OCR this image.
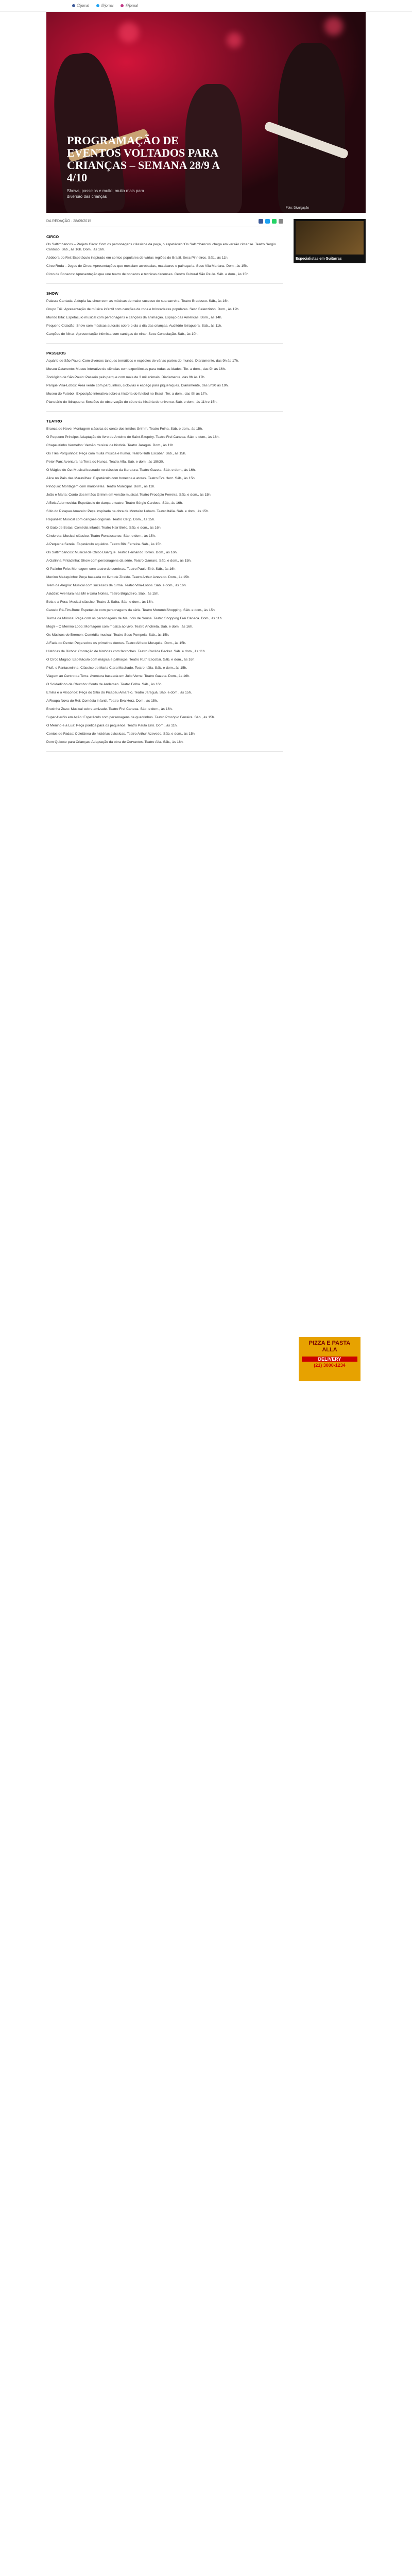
@jornal	@jornal	@jornal
PROGRAMAÇÃO DE EVENTOS VOLTADOS PARA CRIANÇAS – SEMANA 28/9 A 4/10
Shows, passeios e muito, muito mais para diversão das crianças
Foto: Divulgação
DA REDAÇÃO · 28/09/2015
CIRCO

Os Saltimbancos – Projeto Circo: Com os personagens clássicos da peça, o espetáculo 'Os Saltimbancos' chega em versão circense. Teatro Sergio Cardoso. Sáb., às 16h. Dom., às 16h.

Abóbora do Rei: Espetáculo inspirado em contos populares de várias regiões do Brasil. Sesc Pinheiros. Sáb., às 11h.

Circo Roda – Jogos de Circo: Apresentações que mesclam acrobacias, malabares e palhaçaria. Sesc Vila Mariana. Dom., às 15h.

Circo de Bonecos: Apresentação que une teatro de bonecos e técnicas circenses. Centro Cultural São Paulo. Sáb. e dom., às 15h.

SHOW

Palavra Cantada: A dupla faz show com as músicas de maior sucesso de sua carreira. Teatro Bradesco. Sáb., às 16h.

Grupo Triii: Apresentação de música infantil com canções de roda e brincadeiras populares. Sesc Belenzinho. Dom., às 12h.

Mundo Bita: Espetáculo musical com personagens e canções da animação. Espaço das Américas. Dom., às 14h.

Pequeno Cidadão: Show com músicas autorais sobre o dia a dia das crianças. Auditório Ibirapuera. Sáb., às 11h.

Canções de Ninar: Apresentação intimista com cantigas de ninar. Sesc Consolação. Sáb., às 10h.

PASSEIOS

Aquário de São Paulo: Com diversos tanques temáticos e espécies de várias partes do mundo. Diariamente, das 9h às 17h.

Museu Catavento: Museu interativo de ciências com experiências para todas as idades. Ter. a dom., das 9h às 16h.

Zoológico de São Paulo: Passeio pelo parque com mais de 3 mil animais. Diariamente, das 9h às 17h.

Parque Villa-Lobos: Área verde com parquinhos, ciclovias e espaço para piqueniques. Diariamente, das 5h30 às 19h.

Museu do Futebol: Exposição interativa sobre a história do futebol no Brasil. Ter. a dom., das 9h às 17h.

Planetário do Ibirapuera: Sessões de observação do céu e da história do universo. Sáb. e dom., às 11h e 15h.

TEATRO

Branca de Neve: Montagem clássica do conto dos irmãos Grimm. Teatro Folha. Sáb. e dom., às 15h.

O Pequeno Príncipe: Adaptação do livro de Antoine de Saint-Exupéry. Teatro Frei Caneca. Sáb. e dom., às 16h.

Chapeuzinho Vermelho: Versão musical da história. Teatro Jaraguá. Dom., às 11h.

Os Três Porquinhos: Peça com muita música e humor. Teatro Ruth Escobar. Sáb., às 15h.

Peter Pan: Aventura na Terra do Nunca. Teatro Alfa. Sáb. e dom., às 15h30.

O Mágico de Oz: Musical baseado no clássico da literatura. Teatro Gazeta. Sáb. e dom., às 16h.

Alice no País das Maravilhas: Espetáculo com bonecos e atores. Teatro Eva Herz. Sáb., às 15h.

Pinóquio: Montagem com marionetes. Teatro Municipal. Dom., às 11h.

João e Maria: Conto dos irmãos Grimm em versão musical. Teatro Procópio Ferreira. Sáb. e dom., às 15h.

A Bela Adormecida: Espetáculo de dança e teatro. Teatro Sérgio Cardoso. Sáb., às 16h.

Sítio do Picapau Amarelo: Peça inspirada na obra de Monteiro Lobato. Teatro Itália. Sáb. e dom., às 15h.

Rapunzel: Musical com canções originais. Teatro Cetip. Dom., às 15h.

O Gato de Botas: Comédia infantil. Teatro Nair Bello. Sáb. e dom., às 16h.

Cinderela: Musical clássico. Teatro Renaissance. Sáb. e dom., às 15h.

A Pequena Sereia: Espetáculo aquático. Teatro Bibi Ferreira. Sáb., às 15h.

Os Saltimbancos: Musical de Chico Buarque. Teatro Fernando Torres. Dom., às 16h.

A Galinha Pintadinha: Show com personagens da série. Teatro Gamaro. Sáb. e dom., às 15h.

O Patinho Feio: Montagem com teatro de sombras. Teatro Paulo Eiró. Sáb., às 16h.

Menino Maluquinho: Peça baseada no livro de Ziraldo. Teatro Arthur Azevedo. Dom., às 15h.

Trem da Alegria: Musical com sucessos da turma. Teatro Villa-Lobos. Sáb. e dom., às 16h.

Aladdin: Aventura nas Mil e Uma Noites. Teatro Brigadeiro. Sáb., às 15h.

Bela e a Fera: Musical clássico. Teatro J. Safra. Sáb. e dom., às 16h.

Castelo Rá-Tim-Bum: Espetáculo com personagens da série. Teatro MorumbiShopping. Sáb. e dom., às 15h.

Turma da Mônica: Peça com os personagens de Mauricio de Sousa. Teatro Shopping Frei Caneca. Dom., às 11h.

Mogli – O Menino Lobo: Montagem com música ao vivo. Teatro Anchieta. Sáb. e dom., às 16h.

Os Músicos de Bremen: Comédia musical. Teatro Sesc Pompeia. Sáb., às 15h.

A Fada do Dente: Peça sobre os primeiros dentes. Teatro Alfredo Mesquita. Dom., às 15h.

Histórias de Bichos: Contação de histórias com fantoches. Teatro Cacilda Becker. Sáb. e dom., às 11h.

O Circo Mágico: Espetáculo com mágica e palhaços. Teatro Ruth Escobar. Sáb. e dom., às 16h.

Pluft, o Fantasminha: Clássico de Maria Clara Machado. Teatro Itália. Sáb. e dom., às 15h.

Viagem ao Centro da Terra: Aventura baseada em Júlio Verne. Teatro Gazeta. Dom., às 16h.

O Soldadinho de Chumbo: Conto de Andersen. Teatro Folha. Sáb., às 16h.

Emília e o Visconde: Peça do Sítio do Picapau Amarelo. Teatro Jaraguá. Sáb. e dom., às 15h.

A Roupa Nova do Rei: Comédia infantil. Teatro Eva Herz. Dom., às 15h.

Bruxinha Zuzu: Musical sobre amizade. Teatro Frei Caneca. Sáb. e dom., às 16h.

Super-Heróis em Ação: Espetáculo com personagens de quadrinhos. Teatro Procópio Ferreira. Sáb., às 15h.

O Menino e a Lua: Peça poética para os pequenos. Teatro Paulo Eiró. Dom., às 11h.

Contos de Fadas: Coletânea de histórias clássicas. Teatro Arthur Azevedo. Sáb. e dom., às 15h.

Dom Quixote para Crianças: Adaptação da obra de Cervantes. Teatro Alfa. Sáb., às 16h.

Especialistas em Guitarras
PIZZA E PASTA ALLA
DELIVERY
(21) 3000-1234
